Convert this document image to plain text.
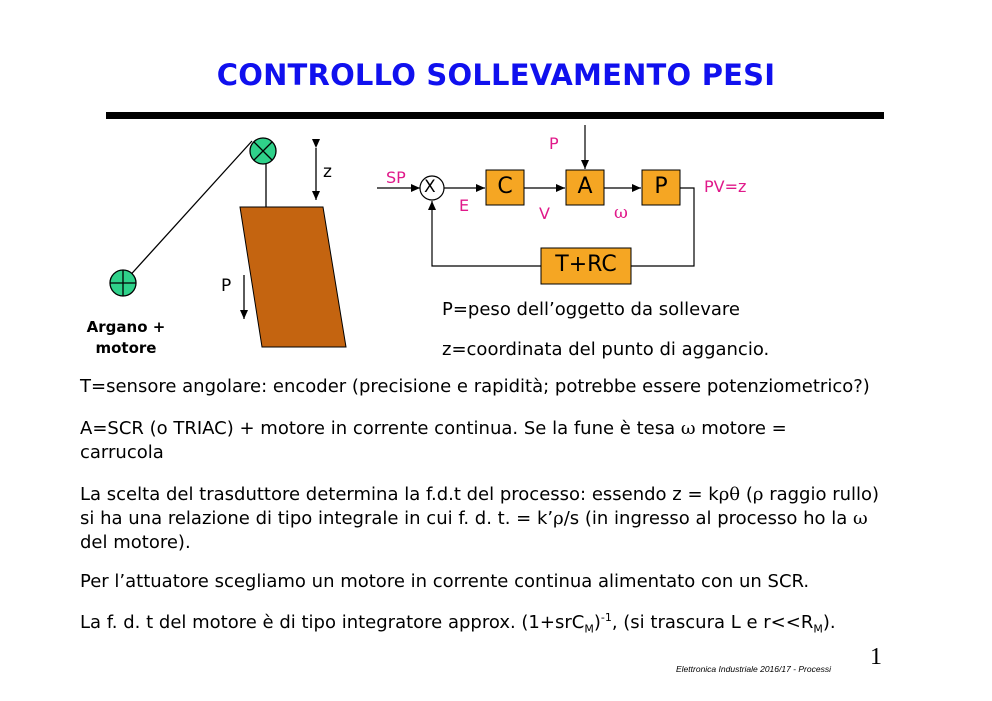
CONTROLLO SOLLEVAMENTO PESI
z
P
Argano +
motore
SP X
E
C
V
A
P
ω
P	PV=z
T+RC
P=peso dell’oggetto da sollevare
z=coordinata del punto di aggancio.
T=sensore angolare: encoder (precisione e rapidità; potrebbe essere potenziometrico?)
A=SCR (o TRIAC) + motore in corrente continua. Se la fune è tesa ω motore = carrucola
La scelta del trasduttore determina la f.d.t del processo: essendo z = kρθ (ρ raggio rullo) si ha una relazione di tipo integrale in cui f. d. t. = k’ρ/s (in ingresso al processo ho la ω del motore).
Per l’attuatore scegliamo un motore in corrente continua alimentato con un SCR.
La f. d. t del motore è di tipo integratore approx. $(1+srC_M)^{-1}$, (si trascura L e $r<<R_M$).
Elettronica Industriale 2016/17 - Processi 1
